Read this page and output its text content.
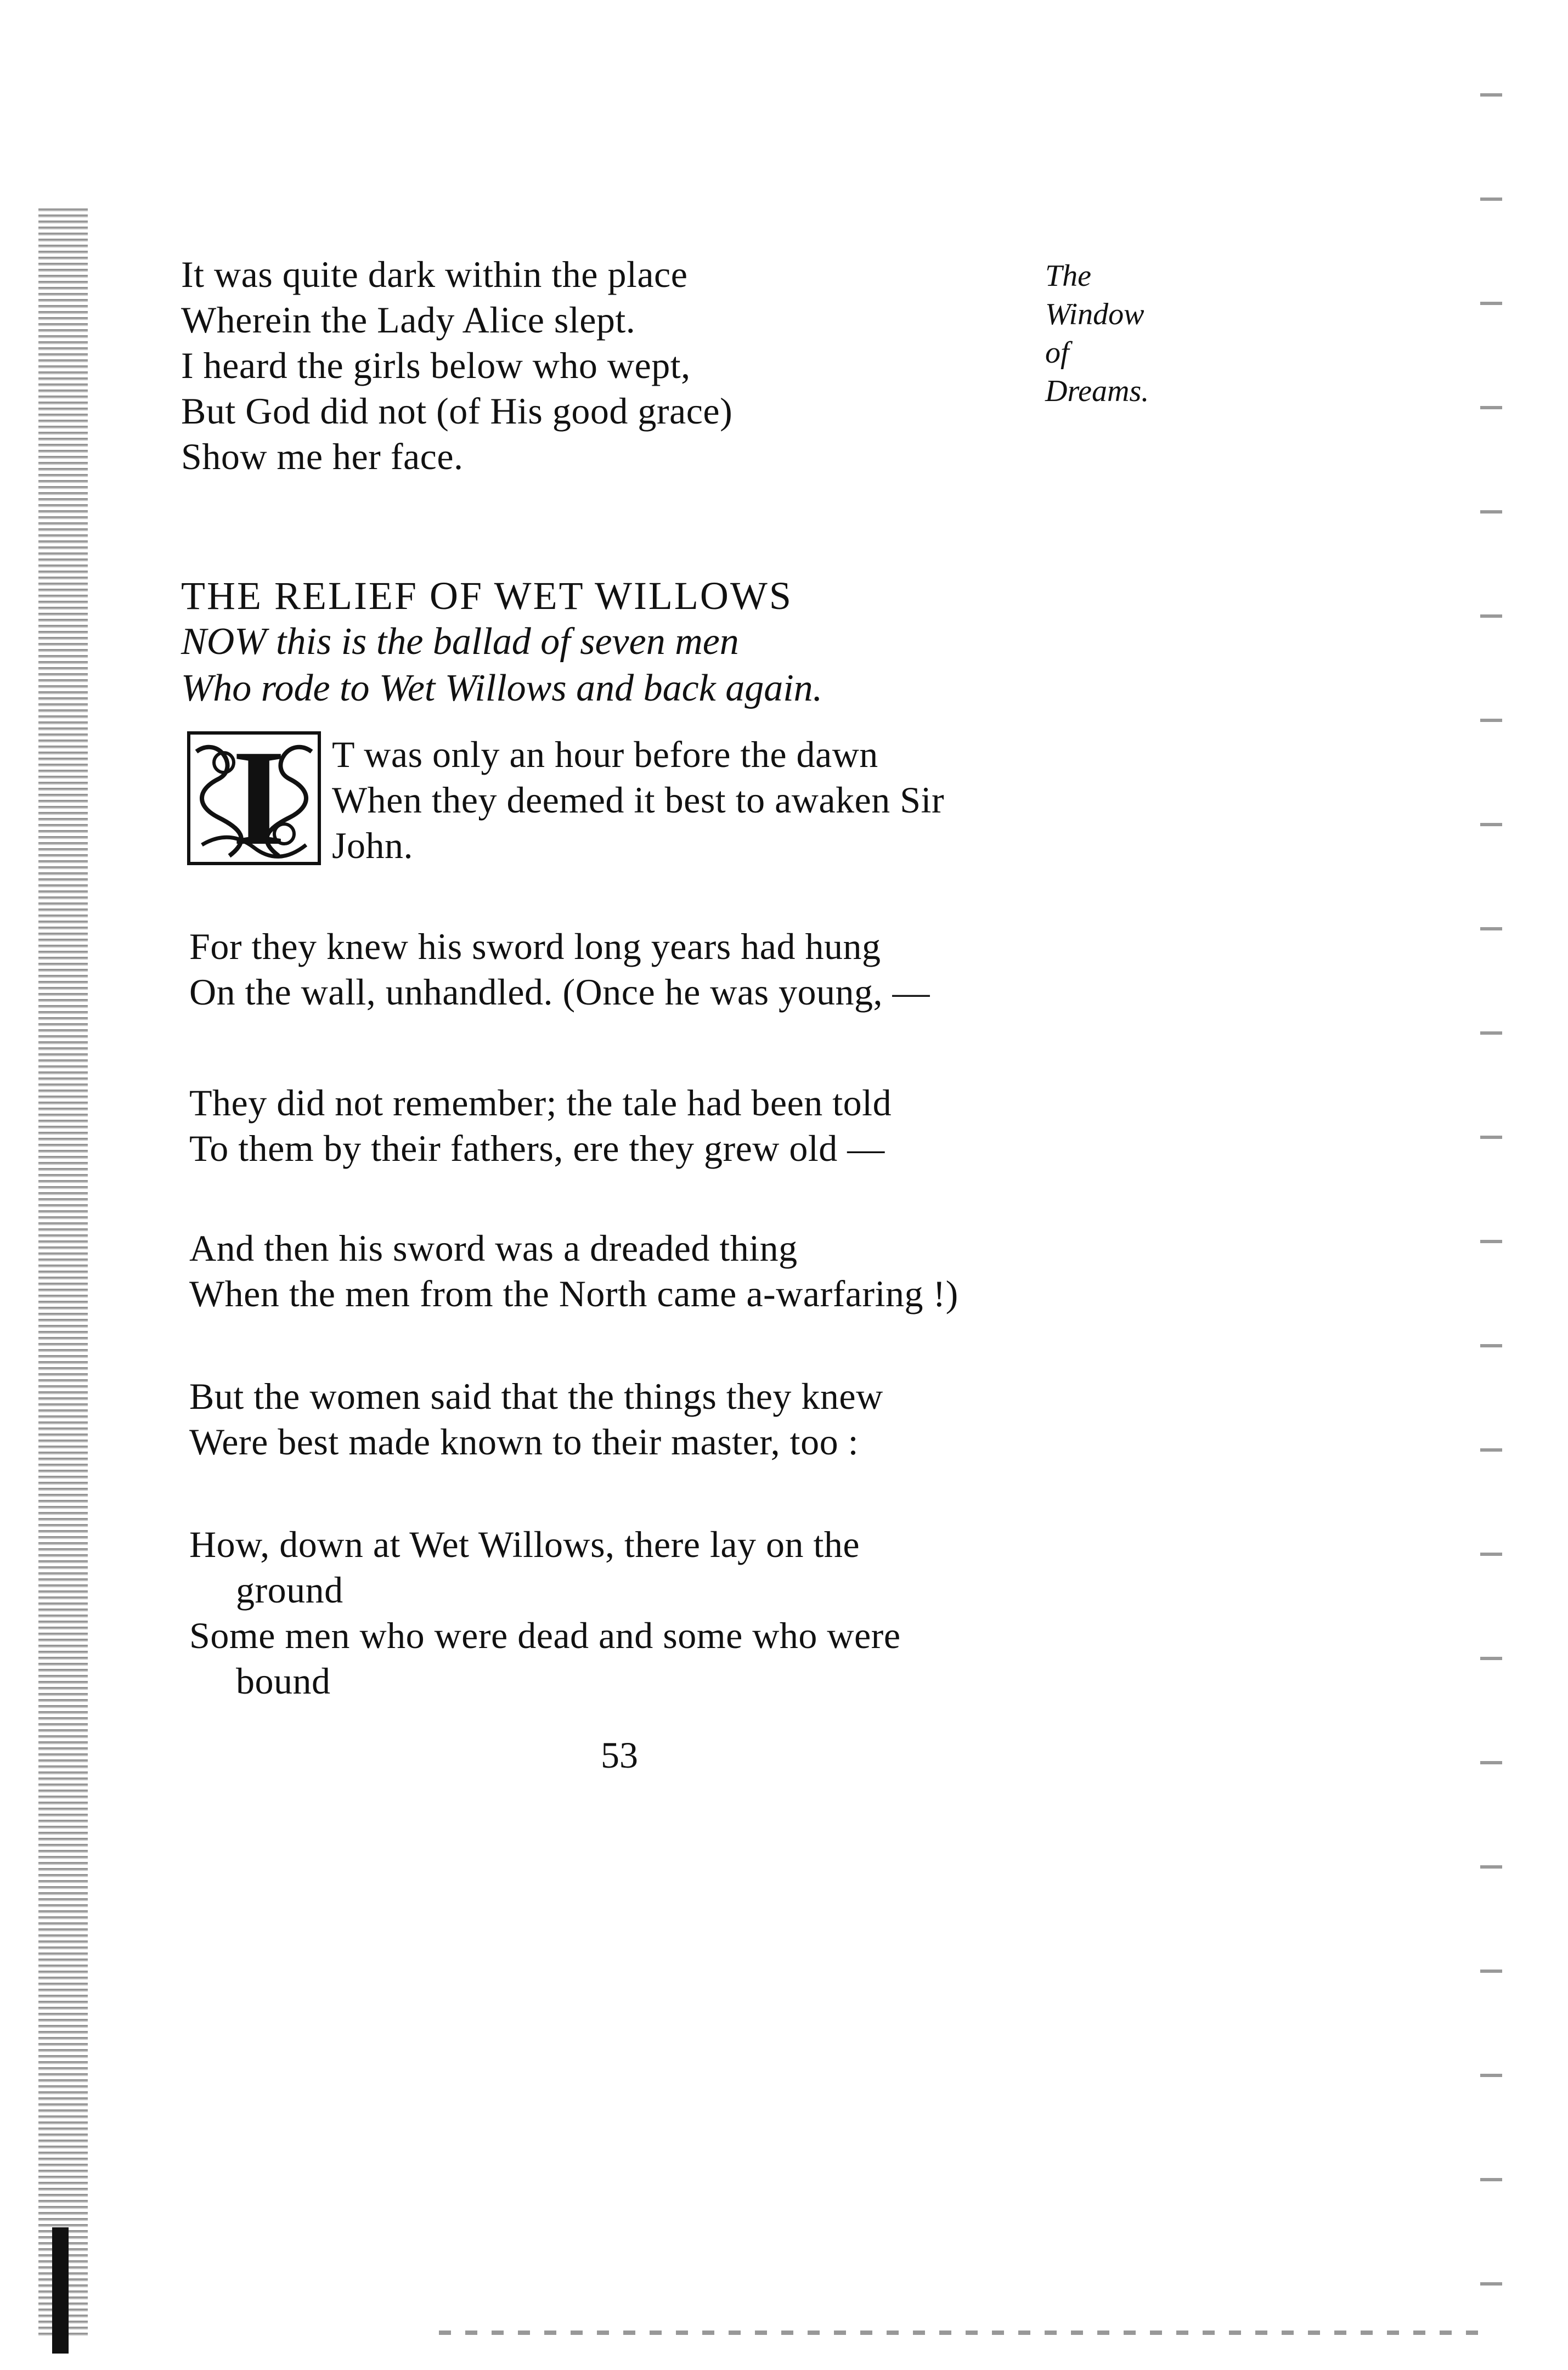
The
Window
of
Dreams.
It was quite dark within the place
Wherein the Lady Alice slept.
I heard the girls below who wept,
But God did not (of His good grace)
Show me her face.
THE RELIEF OF WET WILLOWS
NOW this is the ballad of seven men
Who rode to Wet Willows and back again.
I T was only an hour before the dawn
When they deemed it best to awaken Sir
John.
For they knew his sword long years had hung
On the wall, unhandled. (Once he was young, —
They did not remember; the tale had been told
To them by their fathers, ere they grew old —
And then his sword was a dreaded thing
When the men from the North came a-warfaring !)
But the women said that the things they knew
Were best made known to their master, too :
How, down at Wet Willows, there lay on the
ground
Some men who were dead and some who were
bound
53
